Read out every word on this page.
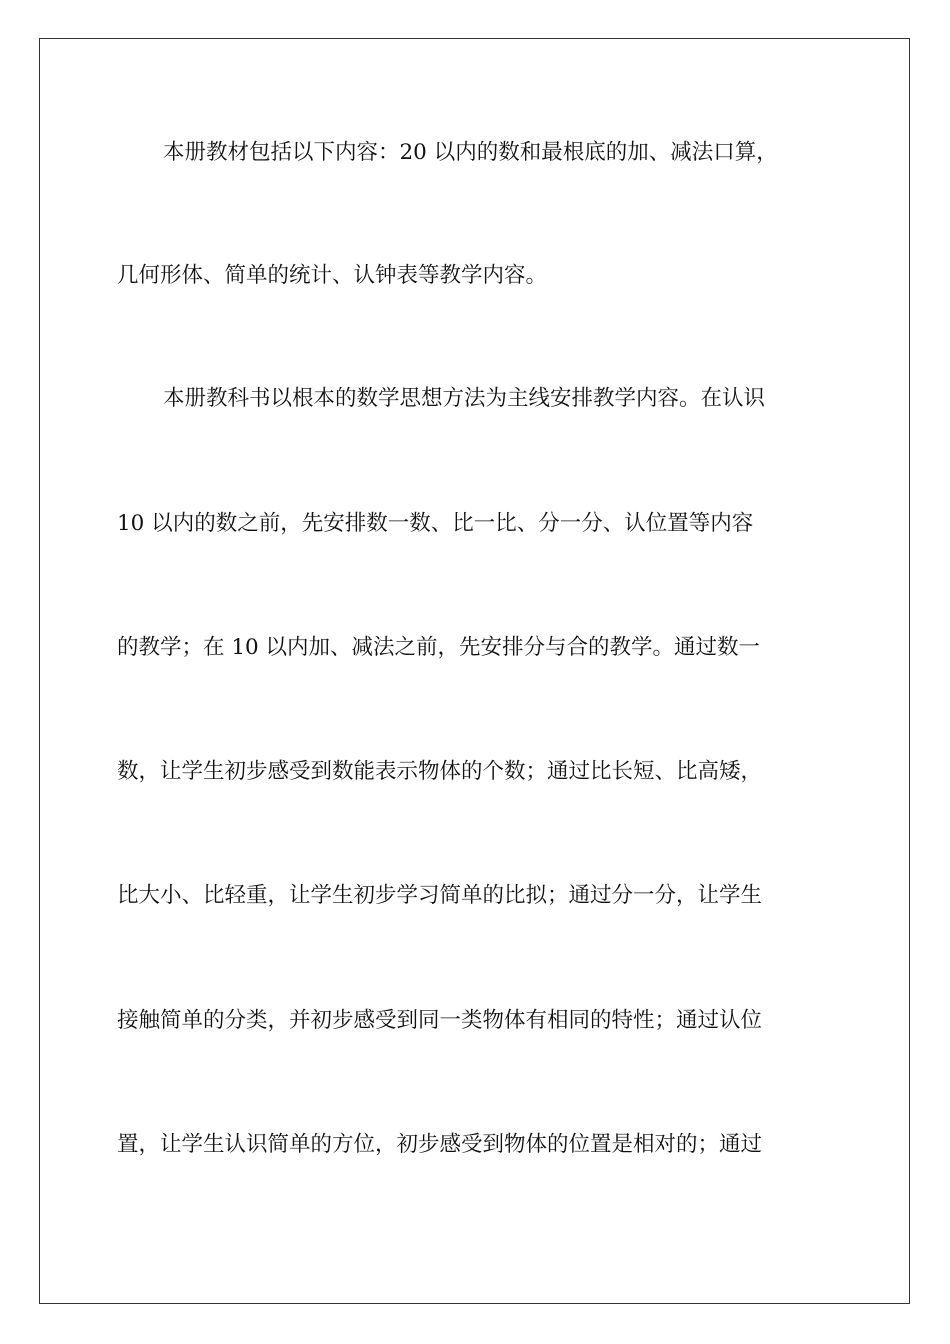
本册教材包括以下内容：20 以内的数和最根底的加、减法口算，
几何形体、简单的统计、认钟表等教学内容。
本册教科书以根本的数学思想方法为主线安排教学内容。在认识
10 以内的数之前，先安排数一数、比一比、分一分、认位置等内容
的教学；在 10 以内加、减法之前，先安排分与合的教学。通过数一
数，让学生初步感受到数能表示物体的个数；通过比长短、比高矮，
比大小、比轻重，让学生初步学习简单的比拟；通过分一分，让学生
接触简单的分类，并初步感受到同一类物体有相同的特性；通过认位
置，让学生认识简单的方位，初步感受到物体的位置是相对的；通过
